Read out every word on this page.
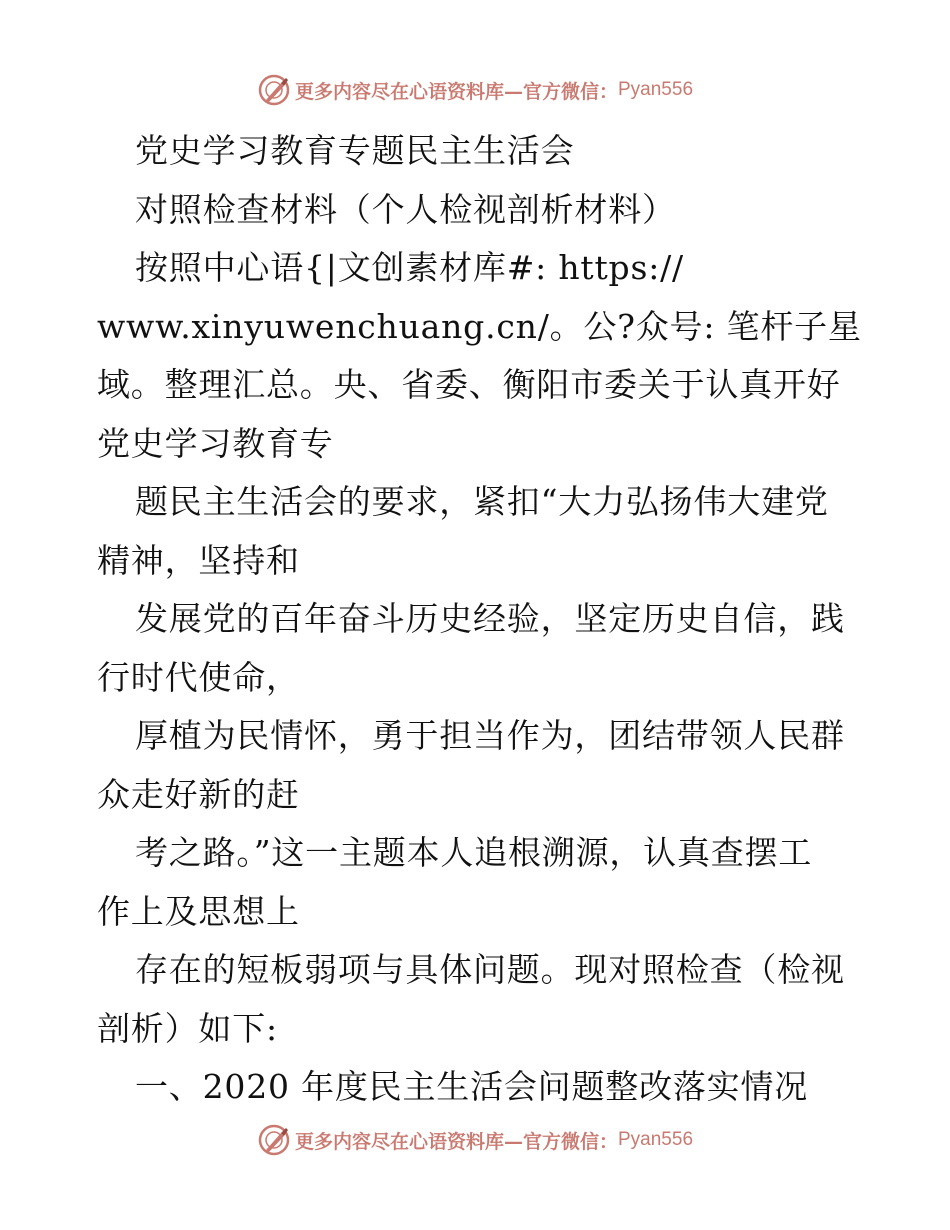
更多内容尽在心语资料库—官方微信： Pyan556
党史学习教育专题民主生活会
对照检查材料（个人检视剖析材料）
按照中心语{|文创素材库#: https://
www.xinyuwenchuang.cn/。公?众号: 笔杆子星
域。整理汇总。央、省委、衡阳市委关于认真开好
党史学习教育专
题民主生活会的要求，紧扣“大力弘扬伟大建党
精神，坚持和
发展党的百年奋斗历史经验，坚定历史自信，践
行时代使命，
厚植为民情怀，勇于担当作为，团结带领人民群
众走好新的赶
考之路。”这一主题本人追根溯源，认真查摆工
作上及思想上
存在的短板弱项与具体问题。现对照检查（检视
剖析）如下:
一、2020 年度民主生活会问题整改落实情况
更多内容尽在心语资料库—官方微信： Pyan556
